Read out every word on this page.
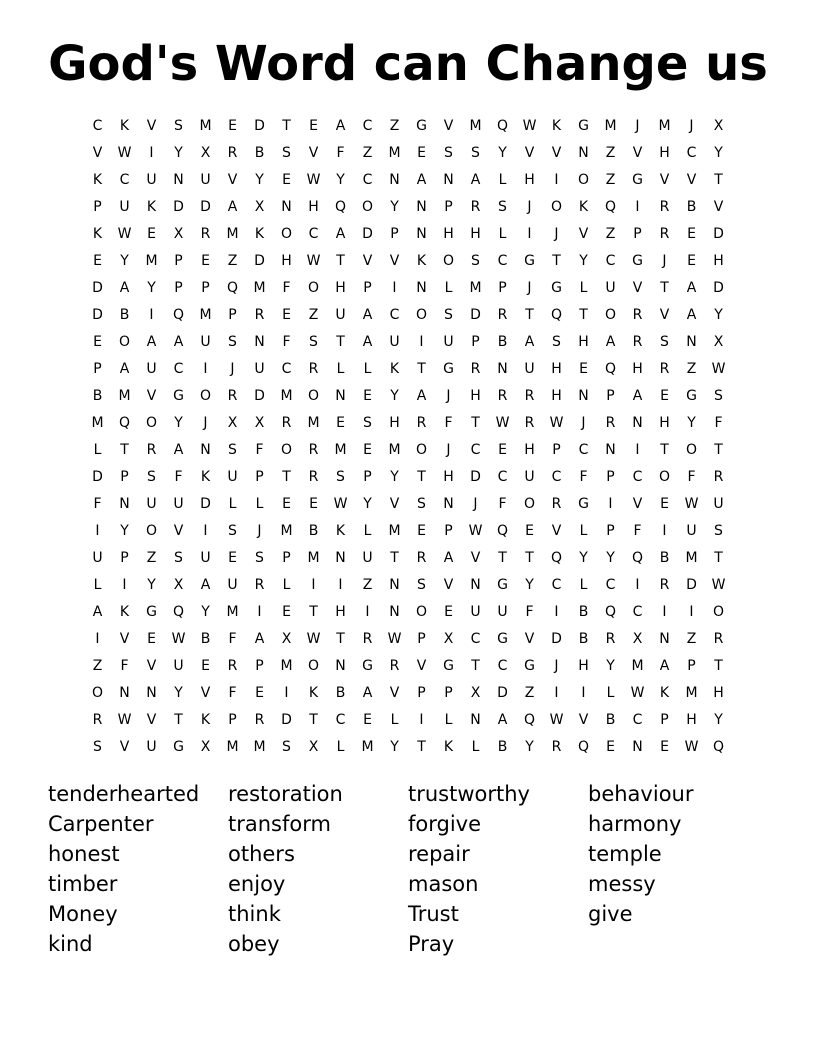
God's Word can Change us
C	K	V	S	M	E	D	T	E	A	C	Z	G	V	M	Q	W	K	G	M	J	M	J	X
V	W	I	Y	X	R	B	S	V	F	Z	M	E	S	S	Y	V	V	N	Z	V	H	C	Y
K	C	U	N	U	V	Y	E	W	Y	C	N	A	N	A	L	H	I	O	Z	G	V	V	T
P	U	K	D	D	A	X	N	H	Q	O	Y	N	P	R	S	J	O	K	Q	I	R	B	V
K	W	E	X	R	M	K	O	C	A	D	P	N	H	H	L	I	J	V	Z	P	R	E	D
E	Y	M	P	E	Z	D	H	W	T	V	V	K	O	S	C	G	T	Y	C	G	J	E	H
D	A	Y	P	P	Q	M	F	O	H	P	I	N	L	M	P	J	G	L	U	V	T	A	D
D	B	I	Q	M	P	R	E	Z	U	A	C	O	S	D	R	T	Q	T	O	R	V	A	Y
E	O	A	A	U	S	N	F	S	T	A	U	I	U	P	B	A	S	H	A	R	S	N	X
P	A	U	C	I	J	U	C	R	L	L	K	T	G	R	N	U	H	E	Q	H	R	Z	W
B	M	V	G	O	R	D	M	O	N	E	Y	A	J	H	R	R	H	N	P	A	E	G	S
M	Q	O	Y	J	X	X	R	M	E	S	H	R	F	T	W	R	W	J	R	N	H	Y	F
L	T	R	A	N	S	F	O	R	M	E	M	O	J	C	E	H	P	C	N	I	T	O	T
D	P	S	F	K	U	P	T	R	S	P	Y	T	H	D	C	U	C	F	P	C	O	F	R
F	N	U	U	D	L	L	E	E	W	Y	V	S	N	J	F	O	R	G	I	V	E	W	U
I	Y	O	V	I	S	J	M	B	K	L	M	E	P	W	Q	E	V	L	P	F	I	U	S
U	P	Z	S	U	E	S	P	M	N	U	T	R	A	V	T	T	Q	Y	Y	Q	B	M	T
L	I	Y	X	A	U	R	L	I	I	Z	N	S	V	N	G	Y	C	L	C	I	R	D	W
A	K	G	Q	Y	M	I	E	T	H	I	N	O	E	U	U	F	I	B	Q	C	I	I	O
I	V	E	W	B	F	A	X	W	T	R	W	P	X	C	G	V	D	B	R	X	N	Z	R
Z	F	V	U	E	R	P	M	O	N	G	R	V	G	T	C	G	J	H	Y	M	A	P	T
O	N	N	Y	V	F	E	I	K	B	A	V	P	P	X	D	Z	I	I	L	W	K	M	H
R	W	V	T	K	P	R	D	T	C	E	L	I	L	N	A	Q	W	V	B	C	P	H	Y
S	V	U	G	X	M	M	S	X	L	M	Y	T	K	L	B	Y	R	Q	E	N	E	W	Q
tenderhearted
Carpenter
honest
timber
Money
kind
restoration
transform
others
enjoy
think
obey
trustworthy
forgive
repair
mason
Trust
Pray
behaviour
harmony
temple
messy
give
